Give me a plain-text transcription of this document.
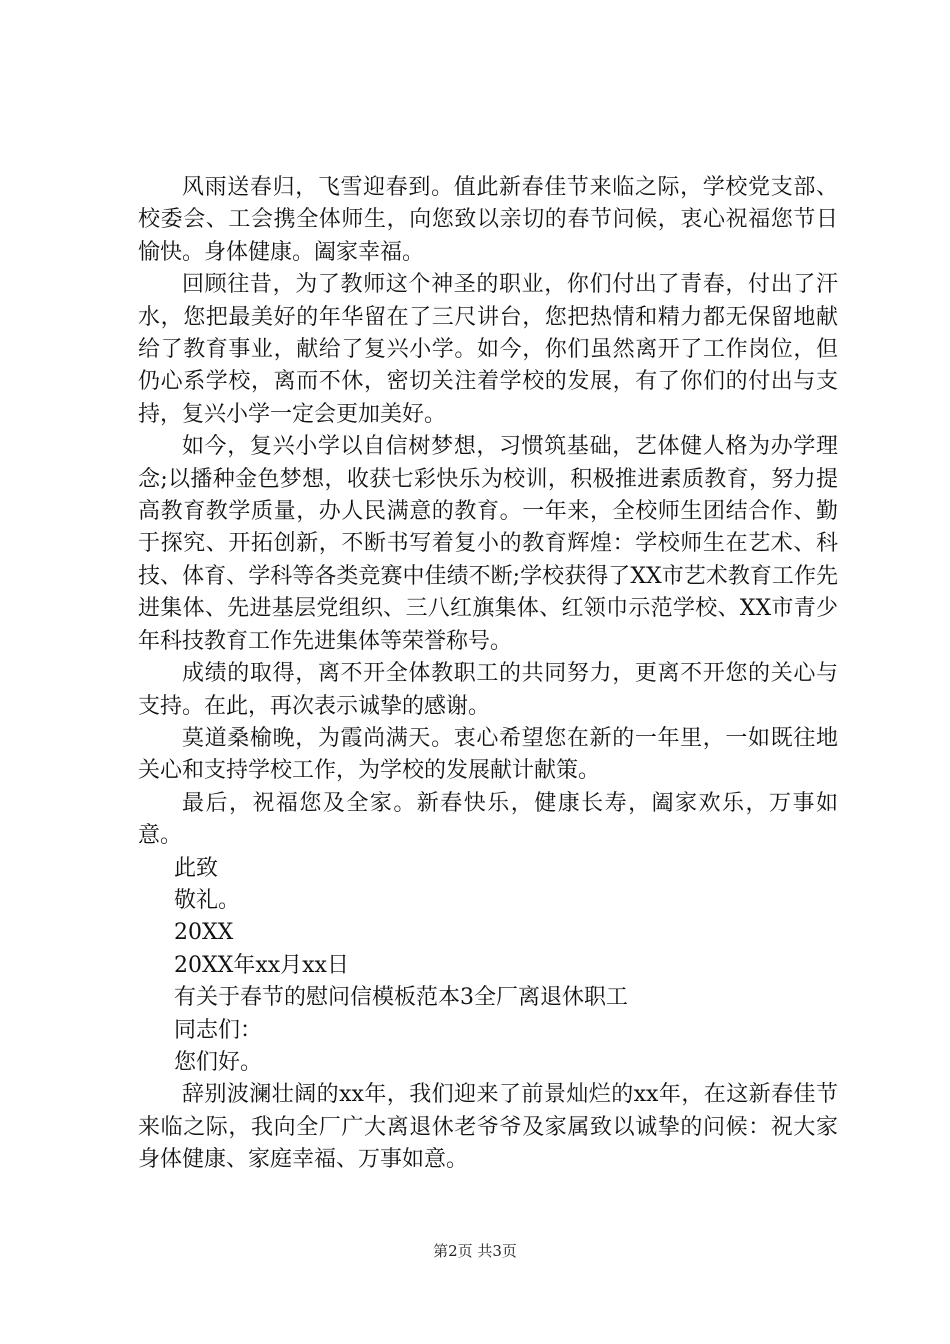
风雨送春归，飞雪迎春到。值此新春佳节来临之际，学校党支部、校委会、工会携全体师生，向您致以亲切的春节问候，衷心祝福您节日愉快。身体健康。阖家幸福。

回顾往昔，为了教师这个神圣的职业，你们付出了青春，付出了汗水，您把最美好的年华留在了三尺讲台，您把热情和精力都无保留地献给了教育事业，献给了复兴小学。如今，你们虽然离开了工作岗位，但仍心系学校，离而不休，密切关注着学校的发展，有了你们的付出与支持，复兴小学一定会更加美好。

如今，复兴小学以自信树梦想，习惯筑基础，艺体健人格为办学理念;以播种金色梦想，收获七彩快乐为校训，积极推进素质教育，努力提高教育教学质量，办人民满意的教育。一年来，全校师生团结合作、勤于探究、开拓创新，不断书写着复小的教育辉煌：学校师生在艺术、科技、体育、学科等各类竞赛中佳绩不断;学校获得了XX市艺术教育工作先进集体、先进基层党组织、三八红旗集体、红领巾示范学校、XX市青少年科技教育工作先进集体等荣誉称号。

成绩的取得，离不开全体教职工的共同努力，更离不开您的关心与支持。在此，再次表示诚挚的感谢。

莫道桑榆晚，为霞尚满天。衷心希望您在新的一年里，一如既往地关心和支持学校工作，为学校的发展献计献策。

最后，祝福您及全家。新春快乐，健康长寿，阖家欢乐，万事如意。

此致

敬礼。

20XX

20XX年xx月xx日

有关于春节的慰问信模板范本3全厂离退休职工

同志们：

您们好。

辞别波澜壮阔的xx年，我们迎来了前景灿烂的xx年，在这新春佳节来临之际，我向全厂广大离退休老爷爷及家属致以诚挚的问候：祝大家身体健康、家庭幸福、万事如意。

第2页 共3页
